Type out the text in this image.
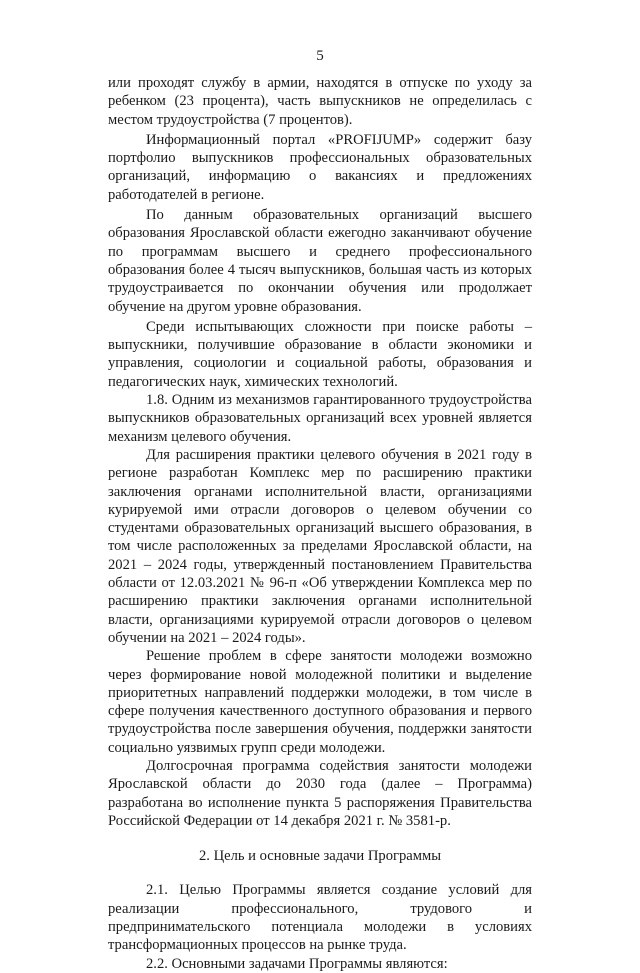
5

или проходят службу в армии, находятся в отпуске по уходу за ребенком (23 процента), часть выпускников не определилась с местом трудоустройства (7 процентов).

Информационный портал «PROFIJUMP» содержит базу портфолио выпускников профессиональных образовательных организаций, информацию о вакансиях и предложениях работодателей в регионе.

По данным образовательных организаций высшего образования Ярославской области ежегодно заканчивают обучение по программам высшего и среднего профессионального образования более 4 тысяч выпускников, большая часть из которых трудоустраивается по окончании обучения или продолжает обучение на другом уровне образования.

Среди испытывающих сложности при поиске работы – выпускники, получившие образование в области экономики и управления, социологии и социальной работы, образования и педагогических наук, химических технологий.

1.8. Одним из механизмов гарантированного трудоустройства выпускников образовательных организаций всех уровней является механизм целевого обучения.

Для расширения практики целевого обучения в 2021 году в регионе разработан Комплекс мер по расширению практики заключения органами исполнительной власти, организациями курируемой ими отрасли договоров о целевом обучении со студентами образовательных организаций высшего образования, в том числе расположенных за пределами Ярославской области, на 2021 – 2024 годы, утвержденный постановлением Правительства области от 12.03.2021 № 96-п «Об утверждении Комплекса мер по расширению практики заключения органами исполнительной власти, организациями курируемой отрасли договоров о целевом обучении на 2021 – 2024 годы».

Решение проблем в сфере занятости молодежи возможно через формирование новой молодежной политики и выделение приоритетных направлений поддержки молодежи, в том числе в сфере получения качественного доступного образования и первого трудоустройства после завершения обучения, поддержки занятости социально уязвимых групп среди молодежи.

Долгосрочная программа содействия занятости молодежи Ярославской области до 2030 года (далее – Программа) разработана во исполнение пункта 5 распоряжения Правительства Российской Федерации от 14 декабря 2021 г. № 3581-р.

2. Цель и основные задачи Программы

2.1. Целью Программы является создание условий для реализации профессионального, трудового и предпринимательского потенциала молодежи в условиях трансформационных процессов на рынке труда.

2.2. Основными задачами Программы являются:
